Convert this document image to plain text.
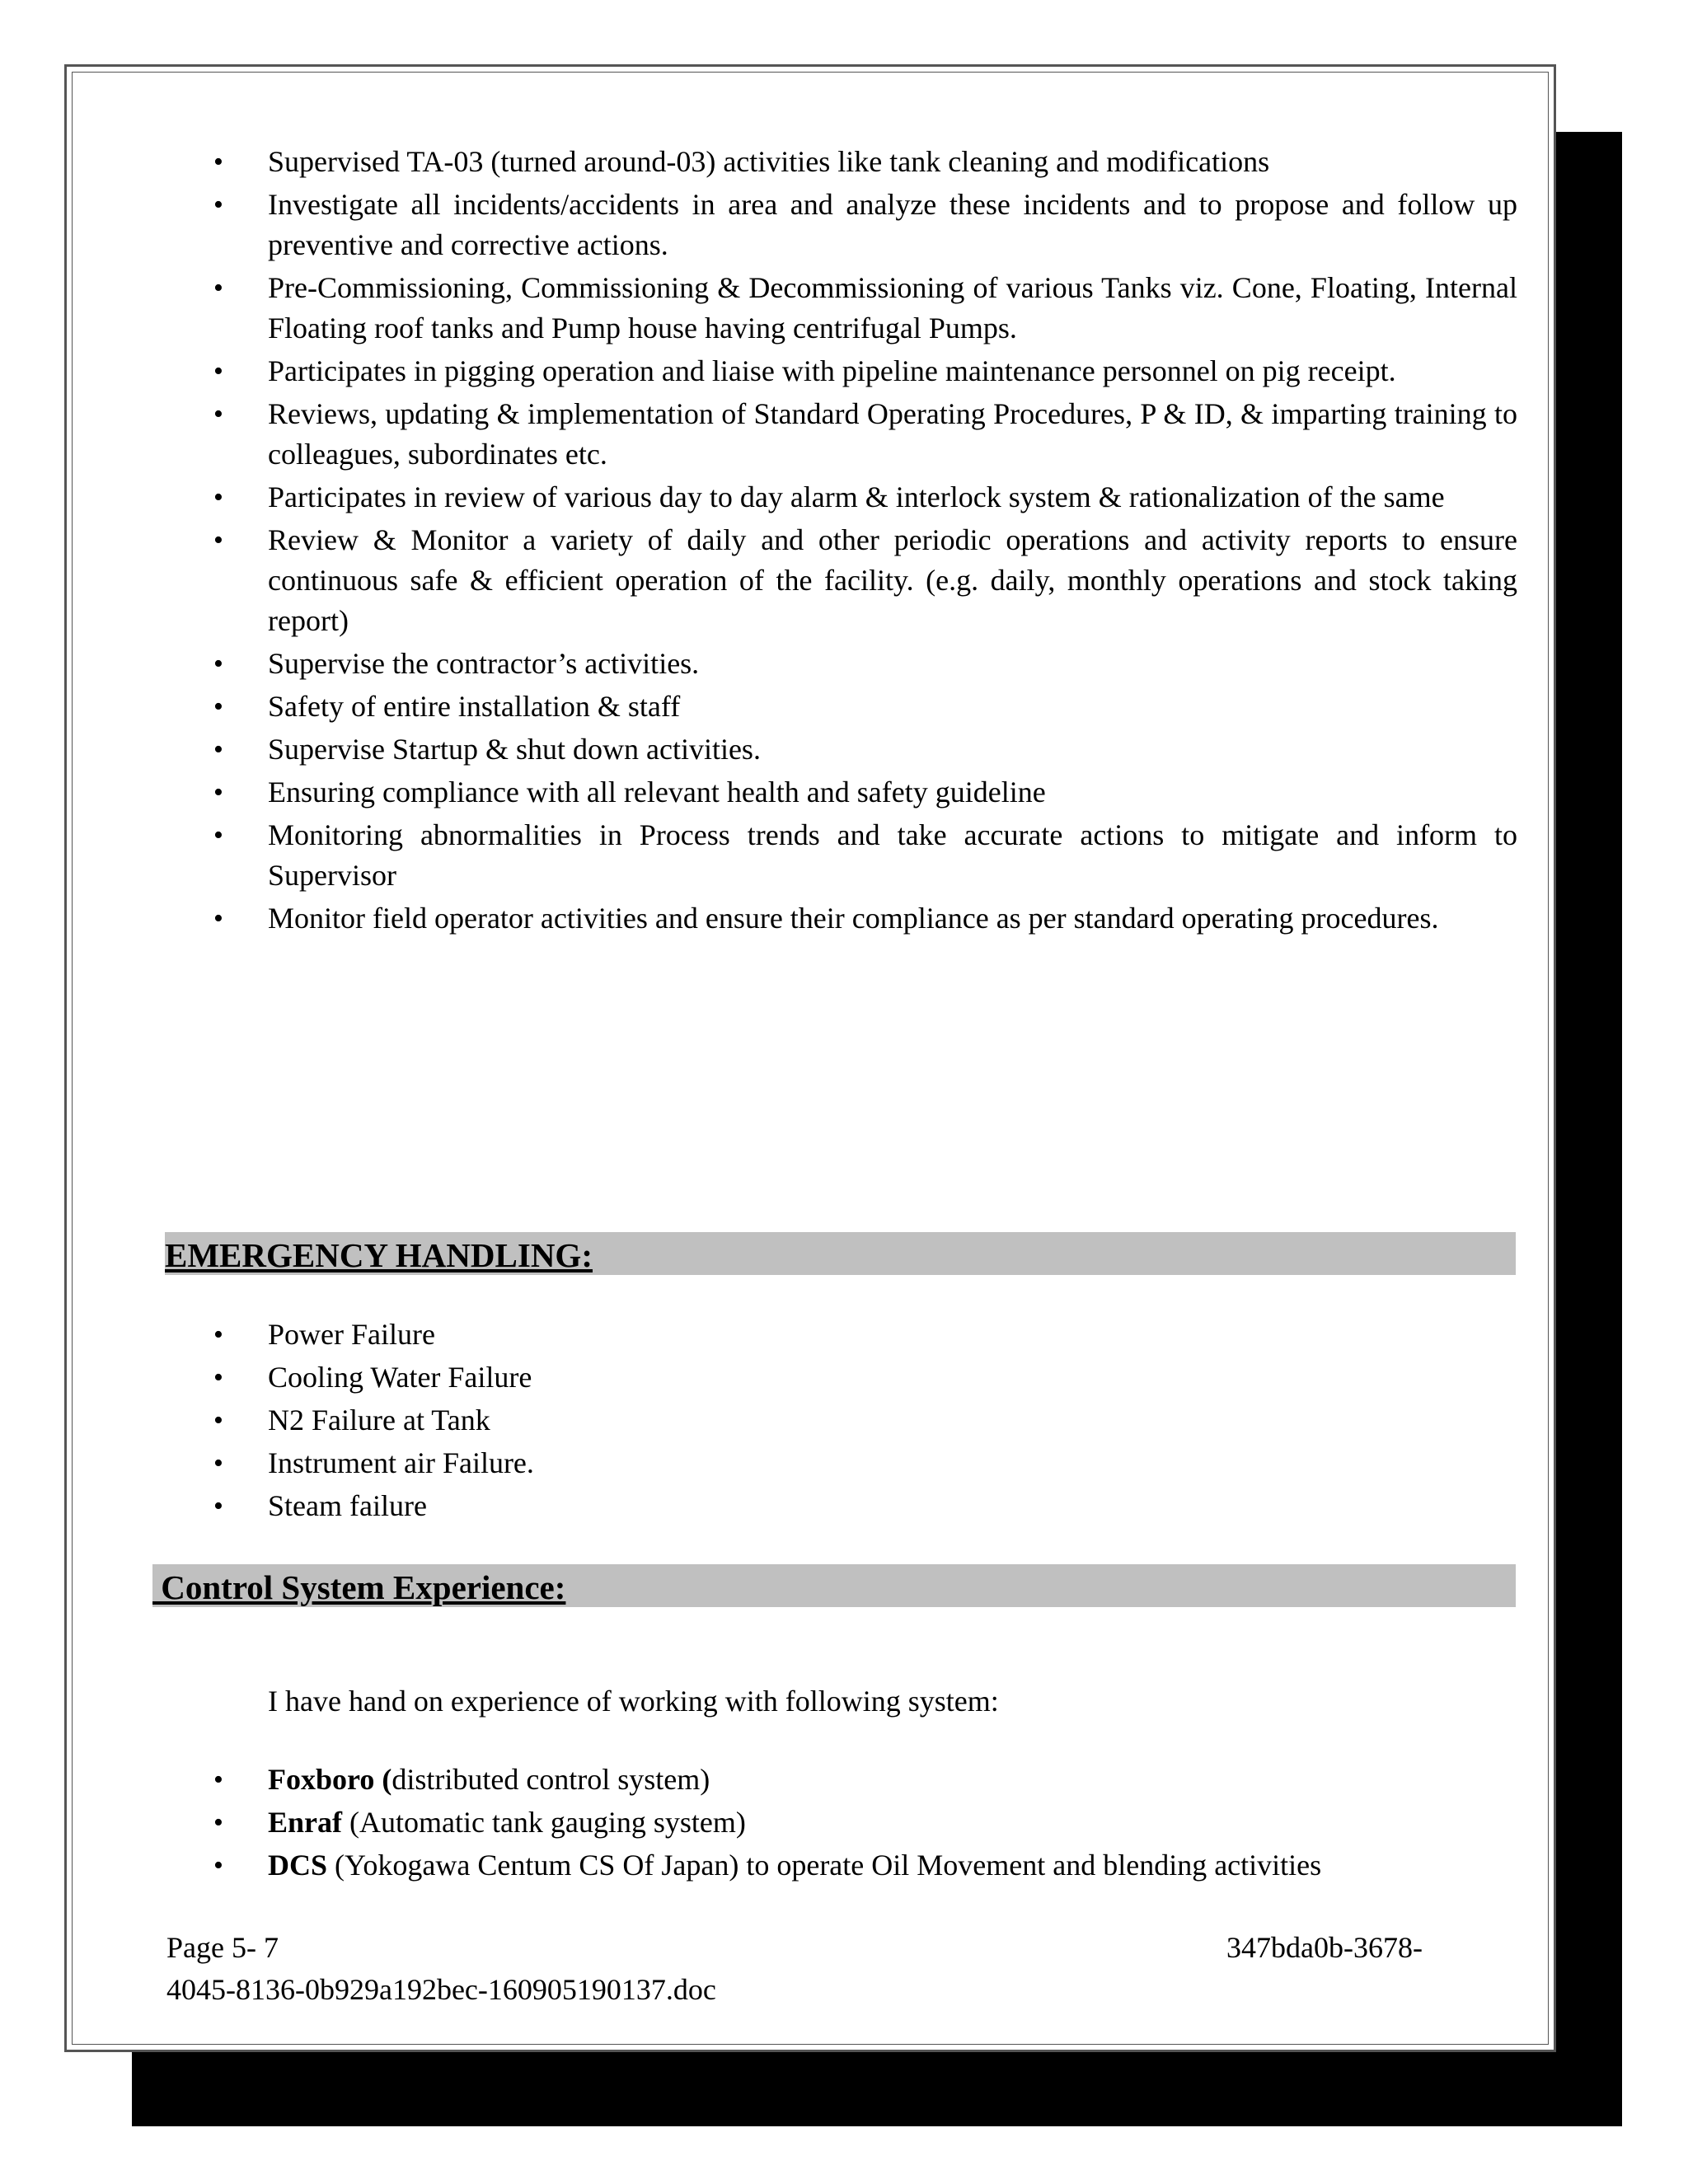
• Supervised TA-03 (turned around-03) activities like tank cleaning and modifications
• Investigate all incidents/accidents in area and analyze these incidents and to propose and follow up preventive and corrective actions.
• Pre-Commissioning, Commissioning & Decommissioning of various Tanks viz. Cone, Floating, Internal Floating roof tanks and Pump house having centrifugal Pumps.
• Participates in pigging operation and liaise with pipeline maintenance personnel on pig receipt.
• Reviews, updating & implementation of Standard Operating Procedures, P & ID, & imparting training to colleagues, subordinates etc.
• Participates in review of various day to day alarm & interlock system & rationalization of the same
• Review & Monitor a variety of daily and other periodic operations and activity reports to ensure continuous safe & efficient operation of the facility. (e.g. daily, monthly operations and stock taking report)
• Supervise the contractor’s activities.
• Safety of entire installation & staff
• Supervise Startup & shut down activities.
• Ensuring compliance with all relevant health and safety guideline
• Monitoring abnormalities in Process trends and take accurate actions to mitigate and inform to Supervisor
• Monitor field operator activities and ensure their compliance as per standard operating procedures.
EMERGENCY HANDLING:
• Power Failure
• Cooling Water Failure
• N2 Failure at Tank
• Instrument air Failure.
• Steam failure
Control System Experience:
I have hand on experience of working with following system:
• Foxboro (distributed control system)
• Enraf (Automatic tank gauging system)
• DCS (Yokogawa Centum CS Of Japan) to operate Oil Movement and blending activities
Page 5- 7
4045-8136-0b929a192bec-160905190137.doc
347bda0b-3678-
